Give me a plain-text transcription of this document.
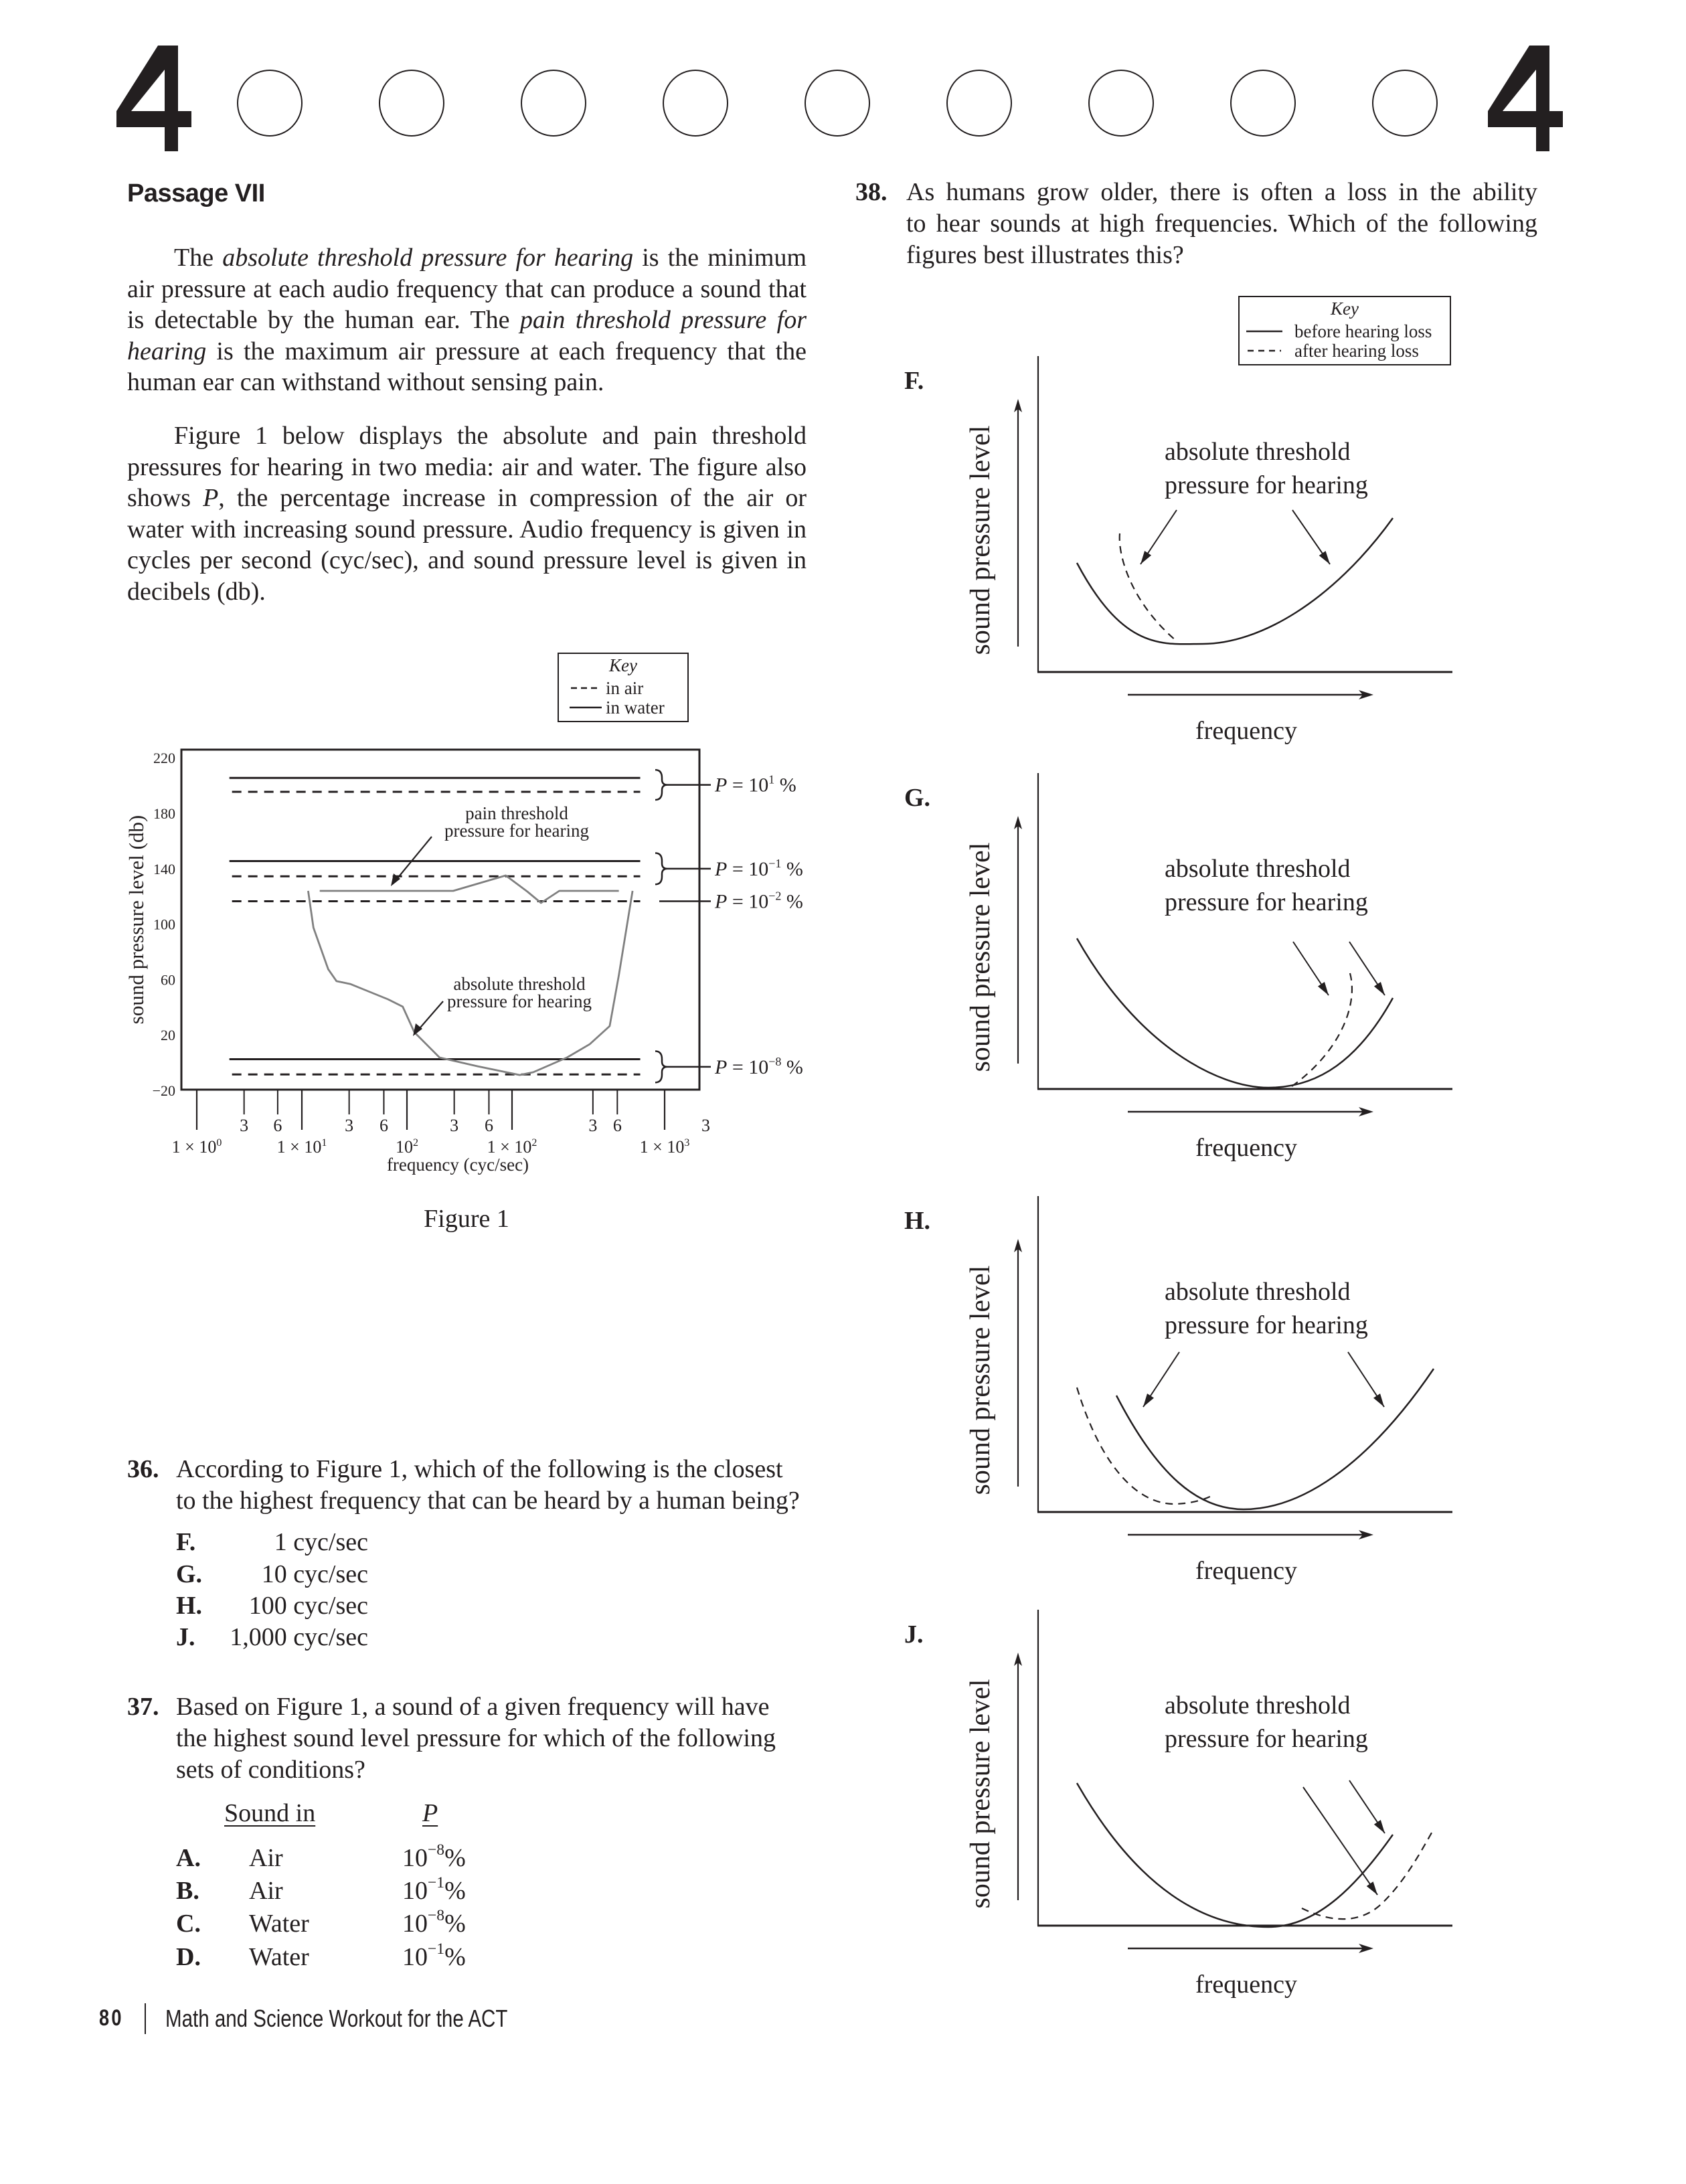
Passage VII
The absolute threshold pressure for hearing is the minimum air pressure at each audio frequency that can produce a sound that is detectable by the human ear. The pain threshold pressure for hearing is the maximum air pressure at each frequency that the human ear can withstand without sensing pain.
Figure 1 below displays the absolute and pain threshold pressures for hearing in two media: air and water. The figure also shows P, the percentage increase in compression of the air or water with increasing sound pressure. Audio frequency is given in cycles per second (cyc/sec), and sound pressure level is given in decibels (db).
Key
in air
in water
220
180
140
100
60
20
−20
$1 \times 10^0$	$1 \times 10^1$	$10^2$	$1 \times 10^2$	$1 \times 10^3$
3 6	3 6	3 6	3 6	3
$P = 10^1$ %
$P = 10^{-1}$ %
$P = 10^{-2}$ %
$P = 10^{-8}$ %
sound pressure level (db)
frequency (cyc/sec)
pain threshold
pressure for hearing
absolute threshold
pressure for hearing
Figure 1
36. According to Figure 1, which of the following is the closest
to the highest frequency that can be heard by a human being?
F.	1 cyc/sec
G.	10 cyc/sec
H.	100 cyc/sec
J.	1,000 cyc/sec
37. Based on Figure 1, a sound of a given frequency will have
the highest sound level pressure for which of the following
sets of conditions?
Sound in	P
A. Air	$10^{-8}\%$
B. Air	$10^{-1}\%$
C. Water	$10^{-8}\%$
D. Water	$10^{-1}\%$
80 Math and Science Workout for the ACT
38. As humans grow older, there is often a loss in the ability
to hear sounds at high frequencies. Which of the following
figures best illustrates this?
Key
before hearing loss
after hearing loss
F.
sound pressure level
frequency
absolute threshold
pressure for hearing
G.
sound pressure level
frequency
absolute threshold
pressure for hearing
H.
sound pressure level
frequency
absolute threshold
pressure for hearing
J.
sound pressure level
frequency
absolute threshold
pressure for hearing
